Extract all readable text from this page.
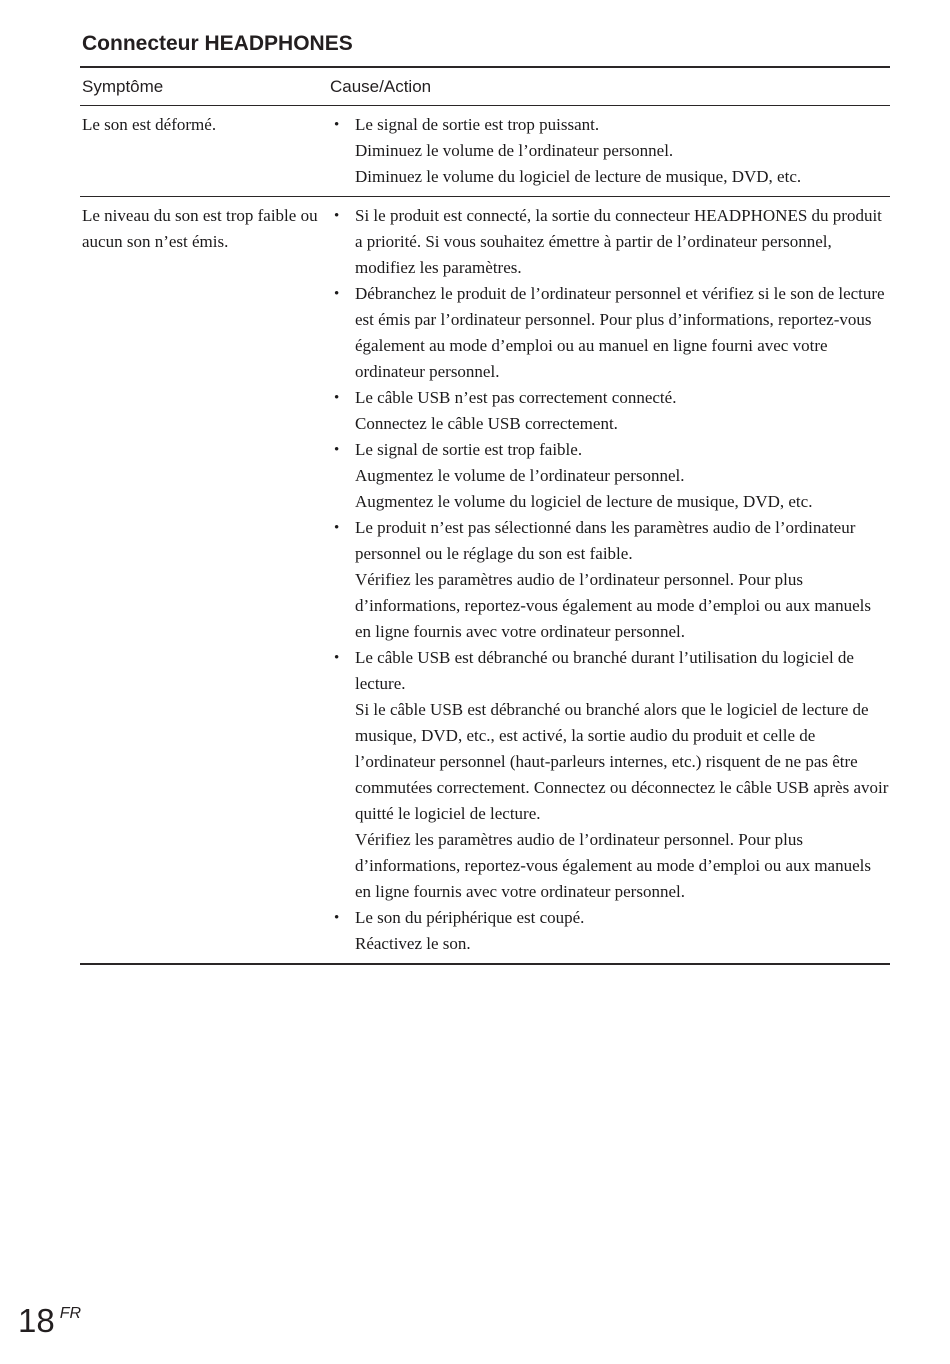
Connecteur HEADPHONES
Symptôme	Cause/Action
Le son est déformé.	• Le signal de sortie est trop puissant.

Diminuez le volume de l’ordinateur personnel.

Diminuez le volume du logiciel de lecture de musique, DVD, etc.

Le niveau du son est trop faible ou aucun son n’est émis.
• Si le produit est connecté, la sortie du connecteur HEADPHONES du produit a priorité. Si vous souhaitez émettre à partir de l’ordinateur personnel, modifiez les paramètres.

• Débranchez le produit de l’ordinateur personnel et vérifiez si le son de lecture est émis par l’ordinateur personnel. Pour plus d’informations, reportez-vous également au mode d’emploi ou au manuel en ligne fourni avec votre ordinateur personnel.

• Le câble USB n’est pas correctement connecté.

Connectez le câble USB correctement.

• Le signal de sortie est trop faible.

Augmentez le volume de l’ordinateur personnel.

Augmentez le volume du logiciel de lecture de musique, DVD, etc.

• Le produit n’est pas sélectionné dans les paramètres audio de l’ordinateur personnel ou le réglage du son est faible.

Vérifiez les paramètres audio de l’ordinateur personnel. Pour plus d’informations, reportez-vous également au mode d’emploi ou aux manuels en ligne fournis avec votre ordinateur personnel.

• Le câble USB est débranché ou branché durant l’utilisation du logiciel de lecture.

Si le câble USB est débranché ou branché alors que le logiciel de lecture de musique, DVD, etc., est activé, la sortie audio du produit et celle de l’ordinateur personnel (haut-parleurs internes, etc.) risquent de ne pas être commutées correctement. Connectez ou déconnectez le câble USB après avoir quitté le logiciel de lecture.

Vérifiez les paramètres audio de l’ordinateur personnel. Pour plus d’informations, reportez-vous également au mode d’emploi ou aux manuels en ligne fournis avec votre ordinateur personnel.

• Le son du périphérique est coupé.

Réactivez le son.

18 FR
